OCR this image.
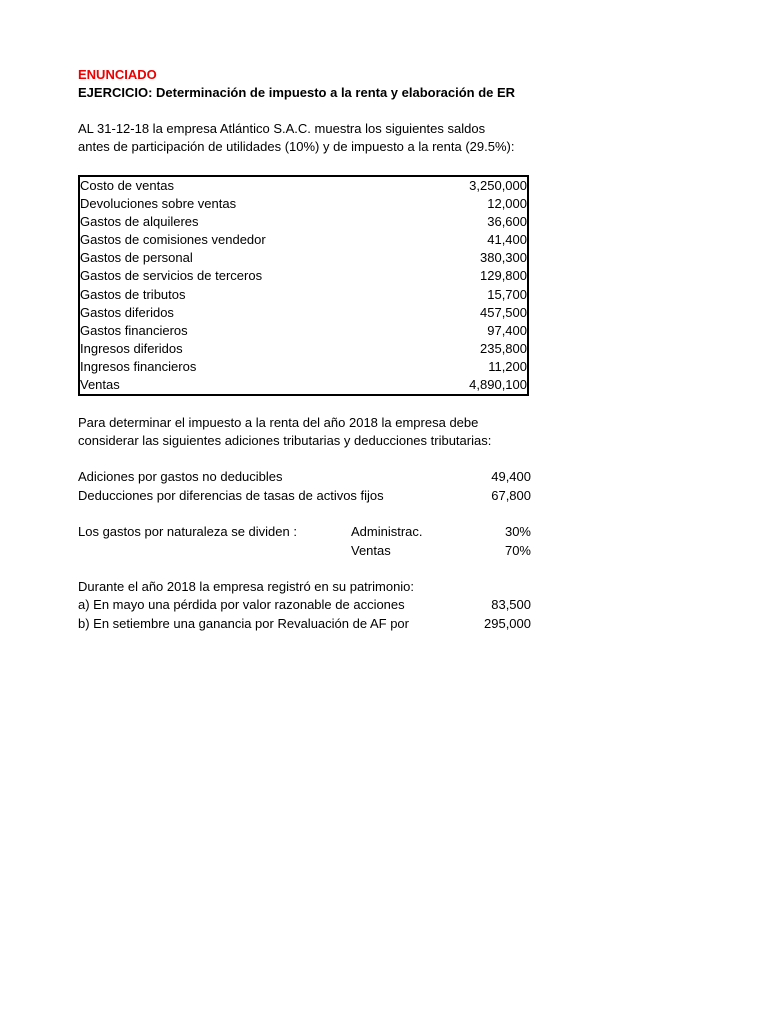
ENUNCIADO
EJERCICIO: Determinación de impuesto a la renta y elaboración de ER
AL 31-12-18 la empresa Atlántico S.A.C. muestra los siguientes saldos
antes de participación de utilidades (10%) y de impuesto a la renta (29.5%):
Costo de ventas	3,250,000
Devoluciones sobre ventas	12,000
Gastos de alquileres	36,600
Gastos de comisiones vendedor	41,400
Gastos de personal	380,300
Gastos de servicios de terceros	129,800
Gastos de tributos	15,700
Gastos diferidos	457,500
Gastos financieros	97,400
Ingresos diferidos	235,800
Ingresos financieros	11,200
Ventas	4,890,100
Para determinar el impuesto a la renta del año 2018 la empresa debe
considerar las siguientes adiciones tributarias y deducciones tributarias:
Adiciones por gastos no deducibles	49,400
Deducciones por diferencias de tasas de activos fijos	67,800
Los gastos por naturaleza se dividen :	Administrac.	30%
Ventas	70%
Durante el año 2018 la empresa registró en su patrimonio:
a) En mayo una pérdida por valor razonable de acciones	83,500
b) En setiembre una ganancia por Revaluación de AF por	295,000
